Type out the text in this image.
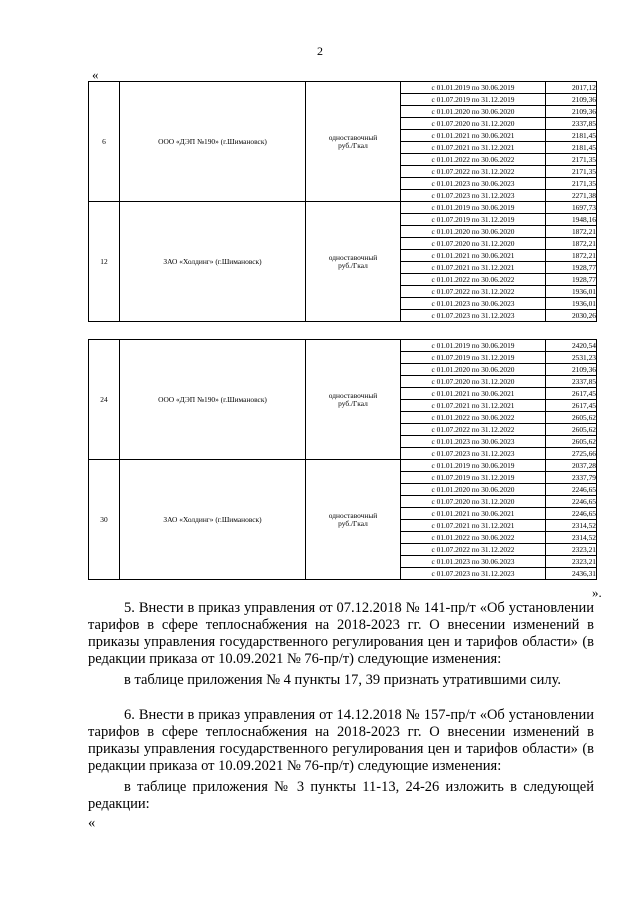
2
«
6	ООО «ДЭП №190» (г.Шимановск)	одноставочный
руб./Гкал	с 01.01.2019 по 30.06.2019	2017,12
			с 01.07.2019 по 31.12.2019	2109,36
			с 01.01.2020 по 30.06.2020	2109,36
			с 01.07.2020 по 31.12.2020	2337,85
			с 01.01.2021 по 30.06.2021	2181,45
			с 01.07.2021 по 31.12.2021	2181,45
			с 01.01.2022 по 30.06.2022	2171,35
			с 01.07.2022 по 31.12.2022	2171,35
			с 01.01.2023 по 30.06.2023	2171,35
			с 01.07.2023 по 31.12.2023	2271,38
12	ЗАО «Холдинг» (г.Шимановск)	одноставочный
руб./Гкал	с 01.01.2019 по 30.06.2019	1697,73
			с 01.07.2019 по 31.12.2019	1948,16
			с 01.01.2020 по 30.06.2020	1872,21
			с 01.07.2020 по 31.12.2020	1872,21
			с 01.01.2021 по 30.06.2021	1872,21
			с 01.07.2021 по 31.12.2021	1928,77
			с 01.01.2022 по 30.06.2022	1928,77
			с 01.07.2022 по 31.12.2022	1936,01
			с 01.01.2023 по 30.06.2023	1936,01
			с 01.07.2023 по 31.12.2023	2030,26
24	ООО «ДЭП №190» (г.Шимановск)	одноставочный
руб./Гкал	с 01.01.2019 по 30.06.2019	2420,54
			с 01.07.2019 по 31.12.2019	2531,23
			с 01.01.2020 по 30.06.2020	2109,36
			с 01.07.2020 по 31.12.2020	2337,85
			с 01.01.2021 по 30.06.2021	2617,45
			с 01.07.2021 по 31.12.2021	2617,45
			с 01.01.2022 по 30.06.2022	2605,62
			с 01.07.2022 по 31.12.2022	2605,62
			с 01.01.2023 по 30.06.2023	2605,62
			с 01.07.2023 по 31.12.2023	2725,66
30	ЗАО «Холдинг» (г.Шимановск)	одноставочный
руб./Гкал	с 01.01.2019 по 30.06.2019	2037,28
			с 01.07.2019 по 31.12.2019	2337,79
			с 01.01.2020 по 30.06.2020	2246,65
			с 01.07.2020 по 31.12.2020	2246,65
			с 01.01.2021 по 30.06.2021	2246,65
			с 01.07.2021 по 31.12.2021	2314,52
			с 01.01.2022 по 30.06.2022	2314,52
			с 01.07.2022 по 31.12.2022	2323,21
			с 01.01.2023 по 30.06.2023	2323,21
			с 01.07.2023 по 31.12.2023	2436,31
».

5. Внести в приказ управления от 07.12.2018 № 141-пр/т «Об установлении тарифов в сфере теплоснабжения на 2018-2023 гг. О внесении изменений в приказы управления государственного регулирования цен и тарифов области» (в редакции приказа от 10.09.2021 № 76-пр/т) следующие изменения:

в таблице приложения № 4 пункты 17, 39 признать утратившими силу.

6. Внести в приказ управления от 14.12.2018 № 157-пр/т «Об установлении тарифов в сфере теплоснабжения на 2018-2023 гг. О внесении изменений в приказы управления государственного регулирования цен и тарифов области» (в редакции приказа от 10.09.2021 № 76-пр/т) следующие изменения:

в таблице приложения № 3 пункты 11-13, 24-26 изложить в следующей редакции:

«
